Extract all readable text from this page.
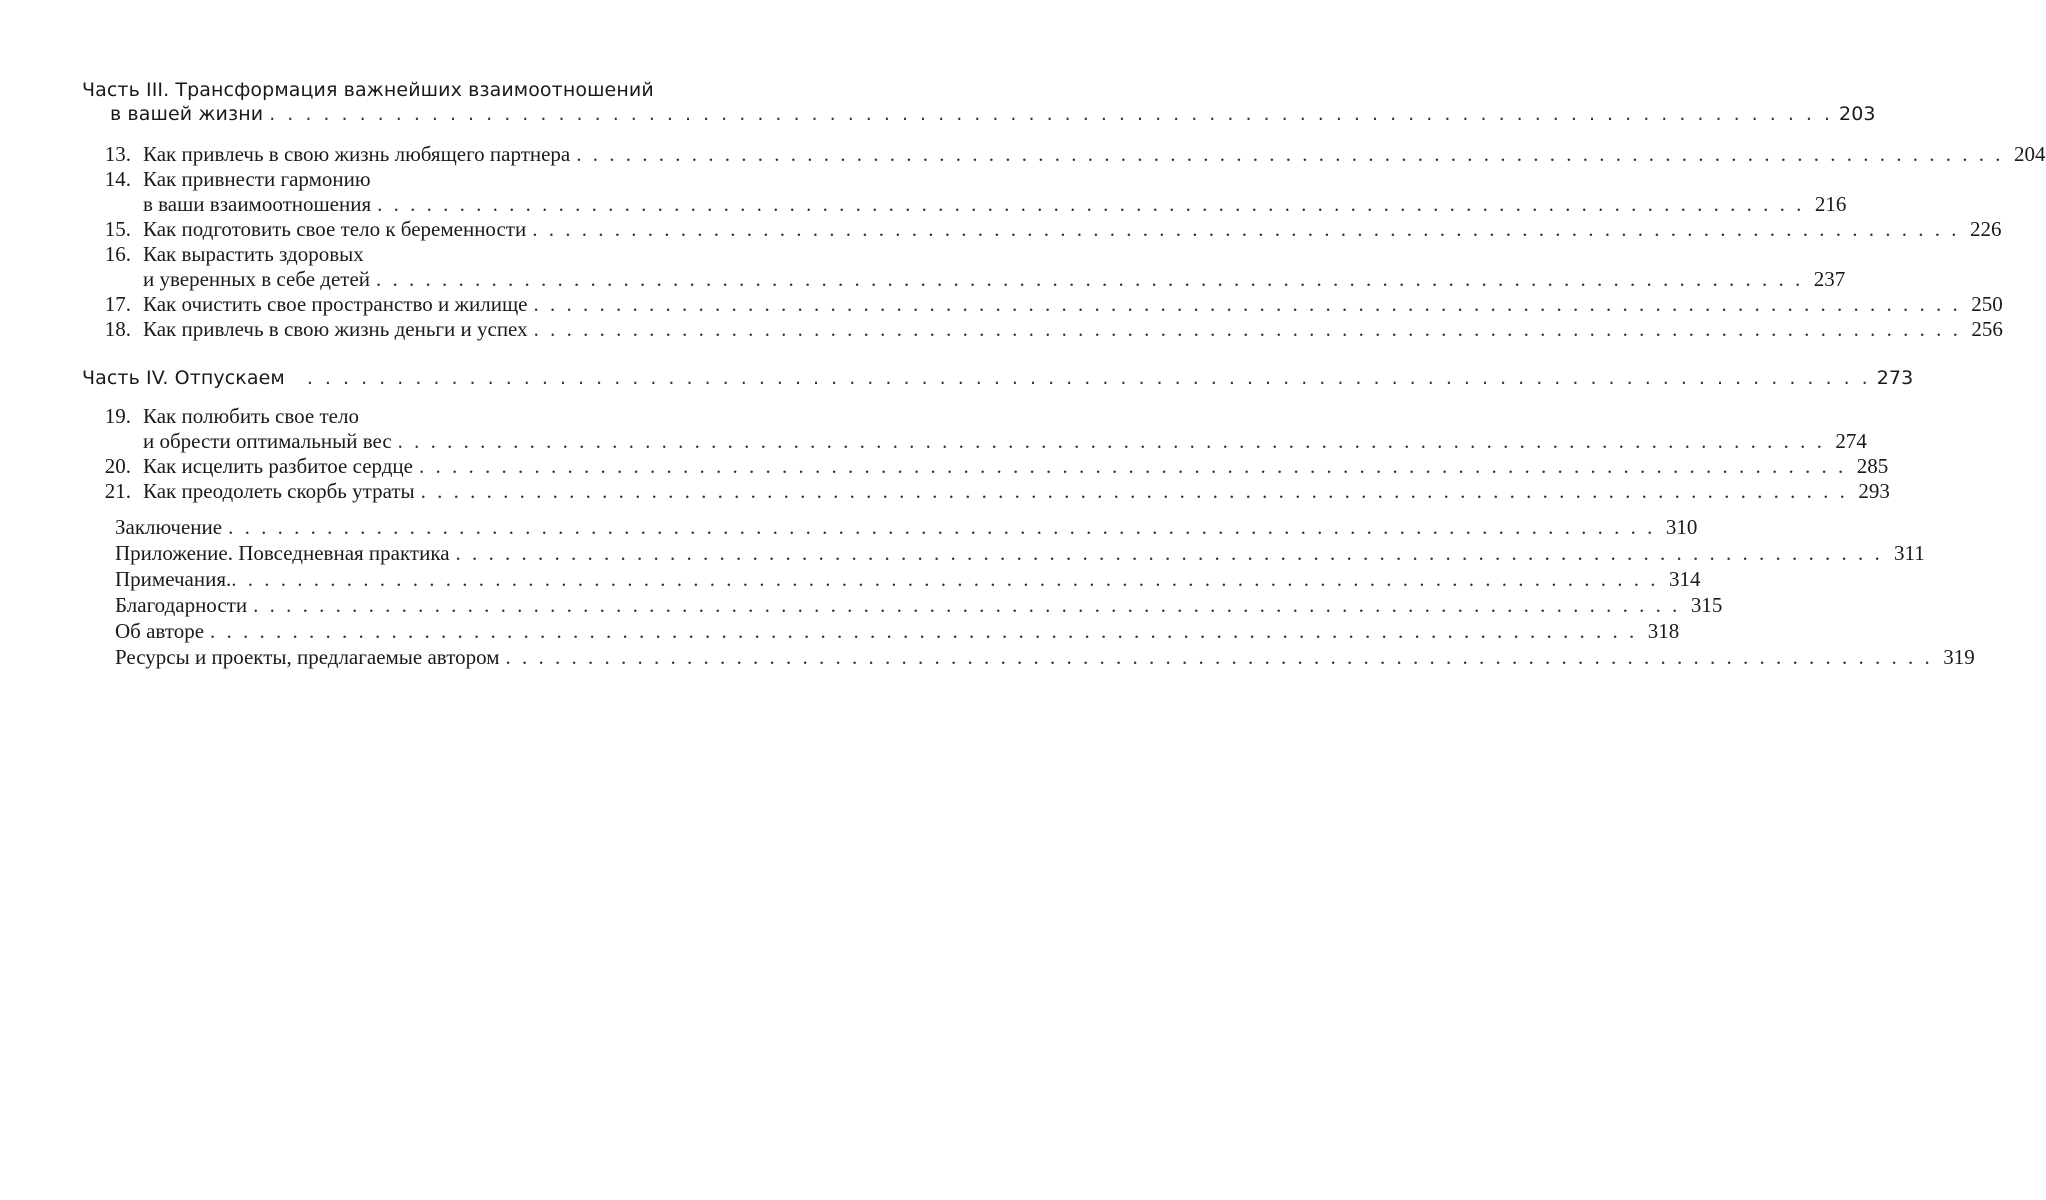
Часть III. Трансформация важнейших взаимоотношений
в вашей жизни . . .	203
13. Как привлечь в свою жизнь любящего партнера . . .	204
14. Как привнести гармонию
в ваши взаимоотношения . . .	216
15. Как подготовить свое тело к беременности . . .	226
16. Как вырастить здоровых
и уверенных в себе детей . . .	237
17. Как очистить свое пространство и жилище . . .	250
18. Как привлечь в свою жизнь деньги и успех . . .	256
Часть IV. Отпускаем . . .	273
19. Как полюбить свое тело
и обрести оптимальный вес . . .	274
20. Как исцелить разбитое сердце . . .	285
21. Как преодолеть скорбь утраты . . .	293
Заключение . . .	310
Приложение. Повседневная практика . . .	311
Примечания. . . .	314
Благодарности . . .	315
Об авторе . . .	318
Ресурсы и проекты, предлагаемые автором . . .	319
